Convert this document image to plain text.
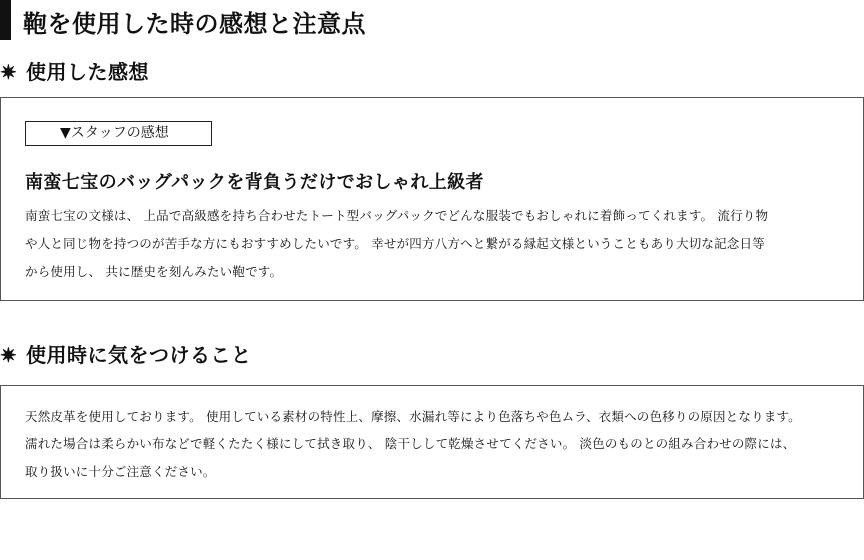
鞄を使用した時の感想と注意点
✷ 使用した感想
▼スタッフの感想
南蛮七宝のバッグパックを背負うだけでおしゃれ上級者

南蛮七宝の文様は、 上品で高級感を持ち合わせたトート型バッグパックでどんな服装でもおしゃれに着飾ってくれます。 流行り物

や人と同じ物を持つのが苦手な方にもおすすめしたいです。 幸せが四方八方へと繋がる縁起文様ということもあり大切な記念日等

から使用し、 共に歴史を刻んみたい鞄です。

✷ 使用時に気をつけること

天然皮革を使用しております。 使用している素材の特性上、摩擦、水漏れ等により色落ちや色ムラ、衣類への色移りの原因となります。

濡れた場合は柔らかい布などで軽くたたく様にして拭き取り、 陰干しして乾燥させてください。 淡色のものとの組み合わせの際には、

取り扱いに十分ご注意ください。
